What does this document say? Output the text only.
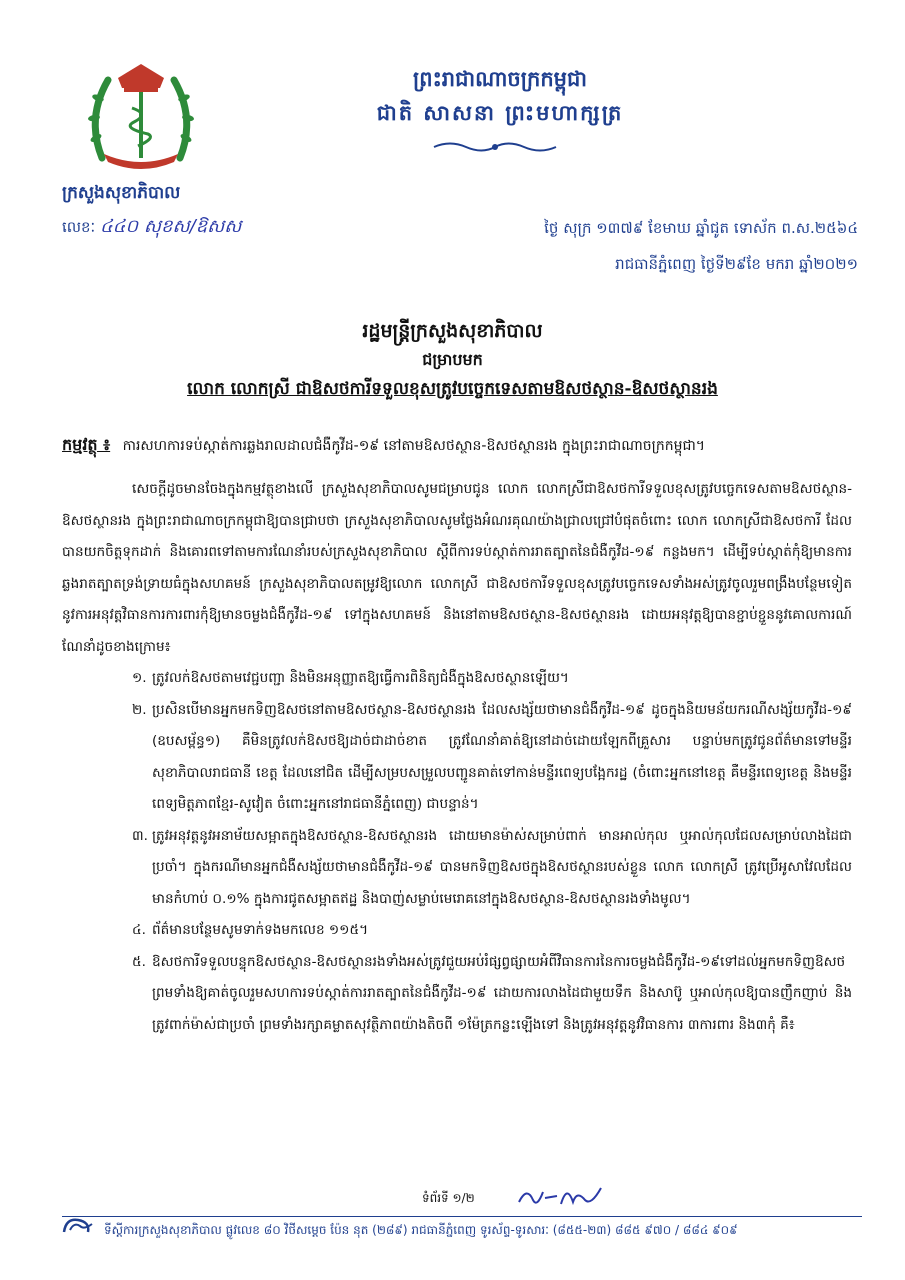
ព្រះរាជាណាចក្រកម្ពុជា
ជាតិ សាសនា ព្រះមហាក្សត្រ
ក្រសួងសុខាភិបាល
លេខៈ ៤៤០ សុខស/ឱសស	ថ្ងៃ សុក្រ ១៣៧៩ ខែមាឃ ឆ្នាំជូត ទោស័ក ព.ស.២៥៦៤
រាជធានីភ្នំពេញ ថ្ងៃទី២៩ខែ មករា ឆ្នាំ២០២១
រដ្ឋមន្ត្រីក្រសួងសុខាភិបាល
ជម្រាបមក
លោក លោកស្រី ជាឱសថការីទទួលខុសត្រូវបច្ចេកទេសតាមឱសថស្ថាន-ឱសថស្ថានរង
កម្មវត្ថុ ៖ ការសហការទប់ស្កាត់ការឆ្លងរាលដាលជំងឺកូវីដ-១៩ នៅតាមឱសថស្ថាន-ឱសថស្ថានរង ក្នុងព្រះរាជាណាចក្រកម្ពុជា។

សេចក្តីដូចមានចែងក្នុងកម្មវត្ថុខាងលើ ក្រសួងសុខាភិបាលសូមជម្រាបជូន លោក លោកស្រីជាឱសថការីទទួលខុសត្រូវបច្ចេកទេសតាមឱសថស្ថាន-ឱសថស្ថានរង ក្នុងព្រះរាជាណាចក្រកម្ពុជាឱ្យបានជ្រាបថា ក្រសួងសុខាភិបាលសូមថ្លែងអំណរគុណយ៉ាងជ្រាលជ្រៅបំផុតចំពោះ លោក លោកស្រីជាឱសថការី ដែលបានយកចិត្តទុកដាក់ និងគោរពទៅតាមការណែនាំរបស់ក្រសួងសុខាភិបាល ស្តីពីការទប់ស្កាត់ការរាតត្បាតនៃជំងឺកូវីដ-១៩ កន្លងមក។ ដើម្បីទប់ស្កាត់កុំឱ្យមានការឆ្លងរាតត្បាតទ្រង់ទ្រាយធំក្នុងសហគមន៍ ក្រសួងសុខាភិបាលតម្រូវឱ្យលោក លោកស្រី ជាឱសថការីទទួលខុសត្រូវបច្ចេកទេសទាំងអស់ត្រូវចូលរួមពង្រឹងបន្ថែមទៀតនូវការអនុវត្តវិធានការការពារកុំឱ្យមានចម្លងជំងឺកូវីដ-១៩ ទៅក្នុងសហគមន៍ និងនៅតាមឱសថស្ថាន-ឱសថស្ថានរង ដោយអនុវត្តឱ្យបានខ្ជាប់ខ្ជួននូវគោលការណ៍ណែនាំដូចខាងក្រោម៖

១. ត្រូវលក់ឱសថតាមវេជ្ជបញ្ជា និងមិនអនុញ្ញាតឱ្យធ្វើការពិនិត្យជំងឺក្នុងឱសថស្ថានឡើយ។
២. ប្រសិនបើមានអ្នកមកទិញឱសថនៅតាមឱសថស្ថាន-ឱសថស្ថានរង ដែលសង្ស័យថាមានជំងឺកូវីដ-១៩ ដូចក្នុងនិយមន័យករណីសង្ស័យកូវីដ-១៩ (ឧបសម្ព័ន្ធ១) គឺមិនត្រូវលក់ឱសថឱ្យដាច់ជាដាច់ខាត ត្រូវណែនាំគាត់ឱ្យនៅដាច់ដោយឡែកពីគ្រួសារ បន្ទាប់មកត្រូវជូនព័ត៌មានទៅមន្ទីរសុខាភិបាលរាជធានី ខេត្ត ដែលនៅជិត ដើម្បីសម្របសម្រួលបញ្ជូនគាត់ទៅកាន់មន្ទីរពេទ្យបង្អែករដ្ឋ (ចំពោះអ្នកនៅខេត្ត គឺមន្ទីរពេទ្យខេត្ត និងមន្ទីរពេទ្យមិត្តភាពខ្មែរ-សូវៀត ចំពោះអ្នកនៅរាជធានីភ្នំពេញ) ជាបន្ទាន់។
៣. ត្រូវអនុវត្តនូវអនាម័យសម្អាតក្នុងឱសថស្ថាន-ឱសថស្ថានរង ដោយមានម៉ាស់សម្រាប់ពាក់ មានអាល់កុល ឬអាល់កុលជែលសម្រាប់លាងដៃជាប្រចាំ។ ក្នុងករណីមានអ្នកជំងឺសង្ស័យថាមានជំងឺកូវីដ-១៩ បានមកទិញឱសថក្នុងឱសថស្ថានរបស់ខ្លួន លោក លោកស្រី ត្រូវប្រើអូសាវែលដែលមានកំហាប់ ០.១% ក្នុងការជូតសម្អាតឥដ្ឋ និងបាញ់សម្លាប់មេរោគនៅក្នុងឱសថស្ថាន-ឱសថស្ថានរងទាំងមូល។
៤. ព័ត៌មានបន្ថែមសូមទាក់ទងមកលេខ ១១៥។
៥. ឱសថការីទទួលបន្ទុកឱសថស្ថាន-ឱសថស្ថានរងទាំងអស់ត្រូវជួយអប់រំផ្សព្វផ្សាយអំពីវិធានការនៃការចម្លងជំងឺកូវីដ-១៩ទៅដល់អ្នកមកទិញឱសថ ព្រមទាំងឱ្យគាត់ចូលរួមសហការទប់ស្កាត់ការរាតត្បាតនៃជំងឺកូវីដ-១៩ ដោយការលាងដៃជាមួយទឹក និងសាប៊ូ ឬអាល់កុលឱ្យបានញឹកញាប់ និងត្រូវពាក់ម៉ាស់ជាប្រចាំ ព្រមទាំងរក្សាគម្លាតសុវត្ថិភាពយ៉ាងតិចពី ១ម៉ែត្រកន្លះឡើងទៅ និងត្រូវអនុវត្តនូវវិធានការ ៣ការពារ និង៣កុំ គឺ៖
ទំព័រទី ១/២
ទីស្តីការក្រសួងសុខាភិបាល ផ្លូវលេខ ៨០ វិថីសម្តេច ប៉ែន នុត (២៨៩) រាជធានីភ្នំពេញ ទូរស័ព្ទ-ទូរសារៈ (៨៥៥-២៣) ៨៨៥ ៩៧០ / ៨៨៤ ៩០៩
